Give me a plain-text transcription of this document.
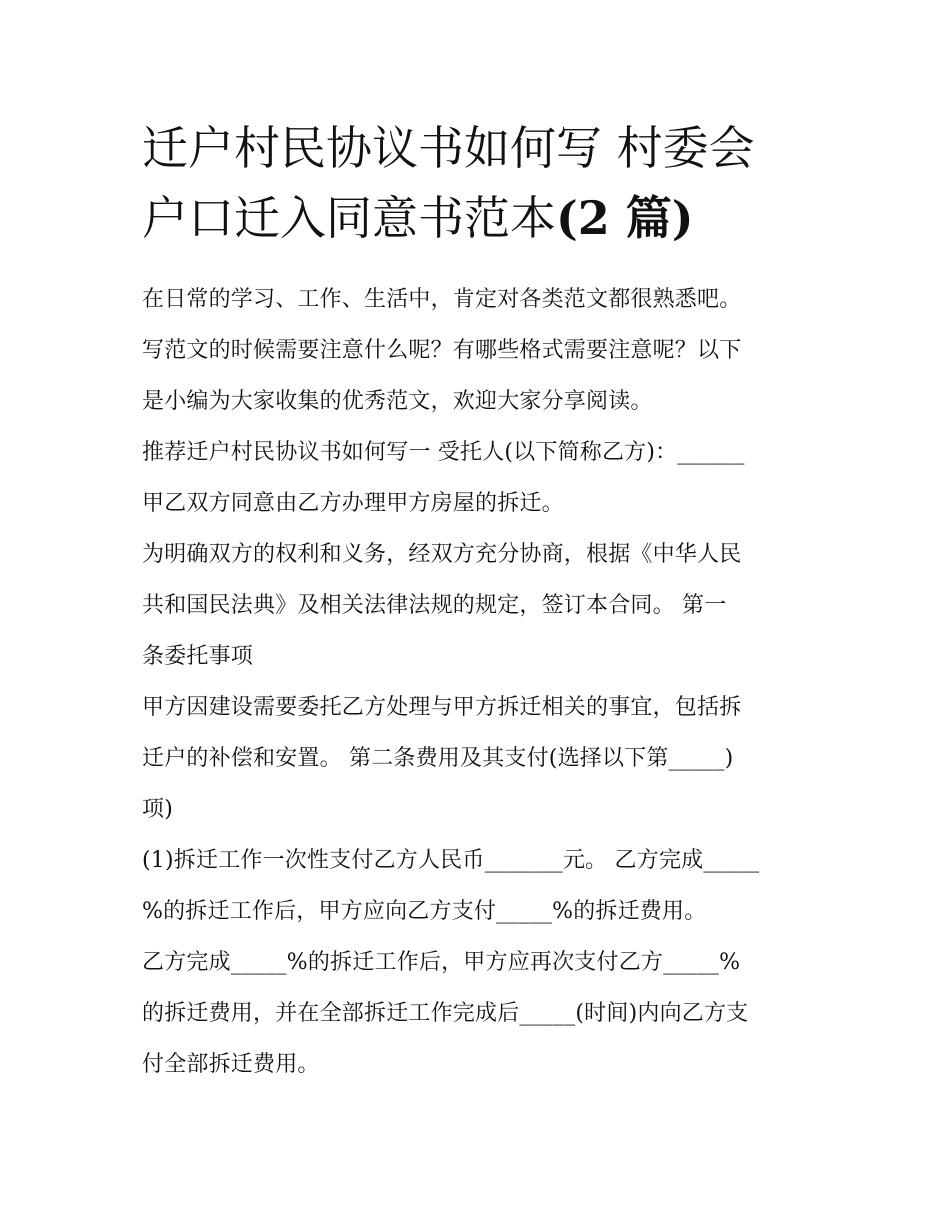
迁户村民协议书如何写 村委会
户口迁入同意书范本(2 篇)
在日常的学习、工作、生活中，肯定对各类范文都很熟悉吧。
写范文的时候需要注意什么呢？有哪些格式需要注意呢？以下
是小编为大家收集的优秀范文，欢迎大家分享阅读。
推荐迁户村民协议书如何写一 受托人(以下简称乙方)：______
甲乙双方同意由乙方办理甲方房屋的拆迁。
为明确双方的权利和义务，经双方充分协商，根据《中华人民
共和国民法典》及相关法律法规的规定，签订本合同。 第一
条委托事项
甲方因建设需要委托乙方处理与甲方拆迁相关的事宜，包括拆
迁户的补偿和安置。 第二条费用及其支付(选择以下第_____)
项)
(1)拆迁工作一次性支付乙方人民币_______元。 乙方完成_____
%的拆迁工作后，甲方应向乙方支付_____%的拆迁费用。
乙方完成_____%的拆迁工作后，甲方应再次支付乙方_____%
的拆迁费用，并在全部拆迁工作完成后_____(时间)内向乙方支
付全部拆迁费用。
